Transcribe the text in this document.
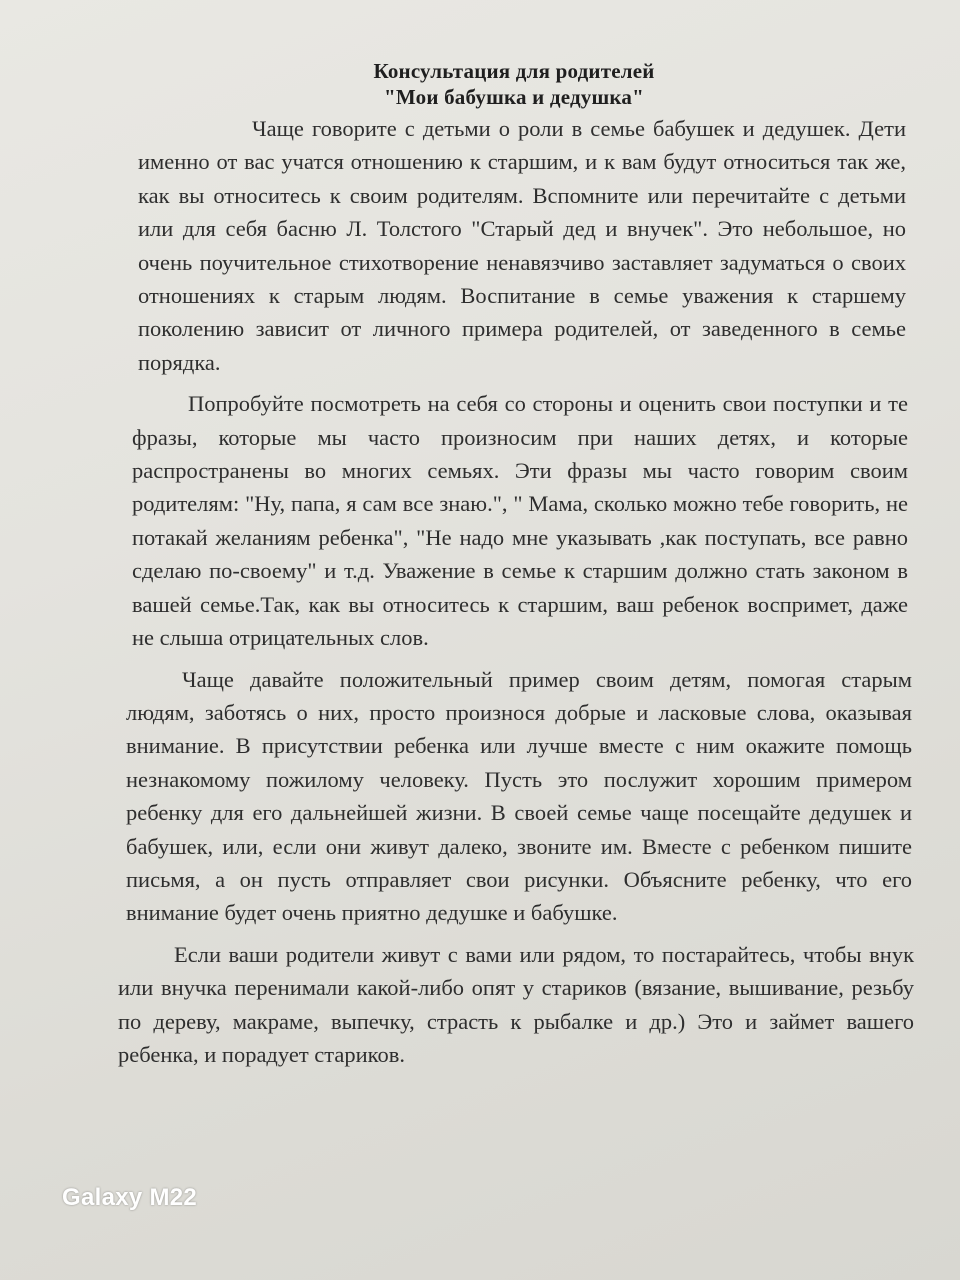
Консультация для родителей

"Мои бабушка и дедушка"

Чаще говорите с детьми о роли в семье бабушек и дедушек. Дети именно от вас учатся отношению к старшим, и к вам будут относиться так же, как вы относитесь к своим родителям. Вспомните или перечитайте с детьми или для себя басню Л. Толстого "Старый дед и внучек". Это небольшое, но очень поучительное стихотворение ненавязчиво заставляет задуматься о своих отношениях к старым людям. Воспитание в семье уважения к старшему поколению зависит от личного примера родителей, от заведенного в семье порядка.

Попробуйте посмотреть на себя со стороны и оценить свои поступки и те фразы, которые мы часто произносим при наших детях, и которые распространены во многих семьях. Эти фразы мы часто говорим своим родителям: "Ну, папа, я сам все знаю.", " Мама, сколько можно тебе говорить, не потакай желаниям ребенка", "Не надо мне указывать ,как поступать, все равно сделаю по-своему" и т.д. Уважение в семье к старшим должно стать законом в вашей семье.Так, как вы относитесь к старшим, ваш ребенок воспримет, даже не слыша отрицательных слов.

Чаще давайте положительный пример своим детям, помогая старым людям, заботясь о них, просто произнося добрые и ласковые слова, оказывая внимание. В присутствии ребенка или лучше вместе с ним окажите помощь незнакомому пожилому человеку. Пусть это послужит хорошим примером ребенку для его дальнейшей жизни. В своей семье чаще посещайте дедушек и бабушек, или, если они живут далеко, звоните им. Вместе с ребенком пишите письмя, а он пусть отправляет свои рисунки. Объясните ребенку, что его внимание будет очень приятно дедушке и бабушке.

Если ваши родители живут с вами или рядом, то постарайтесь, чтобы внук или внучка перенимали какой-либо опят у стариков (вязание, вышивание, резьбу по дереву, макраме, выпечку, страсть к рыбалке и др.) Это и займет вашего ребенка, и порадует стариков.

Galaxy M22
